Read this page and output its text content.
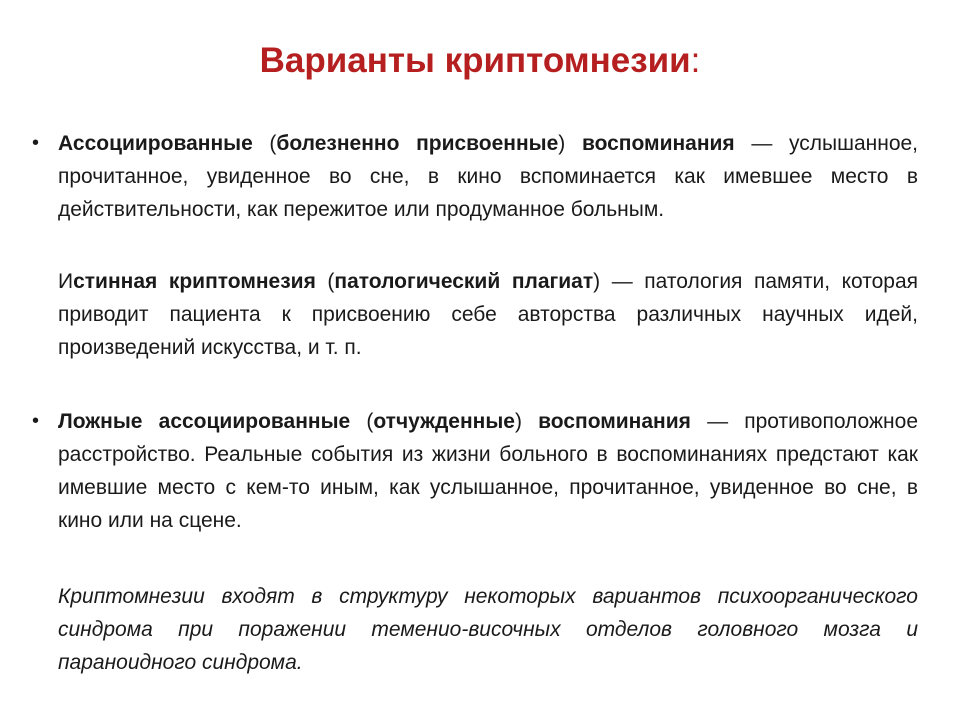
Варианты криптомнезии:
• Ассоциированные (болезненно присвоенные) воспоминания — услышанное, прочитанное, увиденное во сне, в кино вспоминается как имевшее место в действительности, как пережитое или продуманное больным.
Истинная криптомнезия (патологический плагиат) — патология памяти, которая приводит пациента к присвоению себе авторства различных научных идей, произведений искусства, и т. п.
• Ложные ассоциированные (отчужденные) воспоминания — противоположное расстройство. Реальные события из жизни больного в воспоминаниях предстают как имевшие место с кем-то иным, как услышанное, прочитанное, увиденное во сне, в кино или на сцене.
Криптомнезии входят в структуру некоторых вариантов психоорганического синдрома при поражении теменио-височных отделов головного мозга и параноидного синдрома.
